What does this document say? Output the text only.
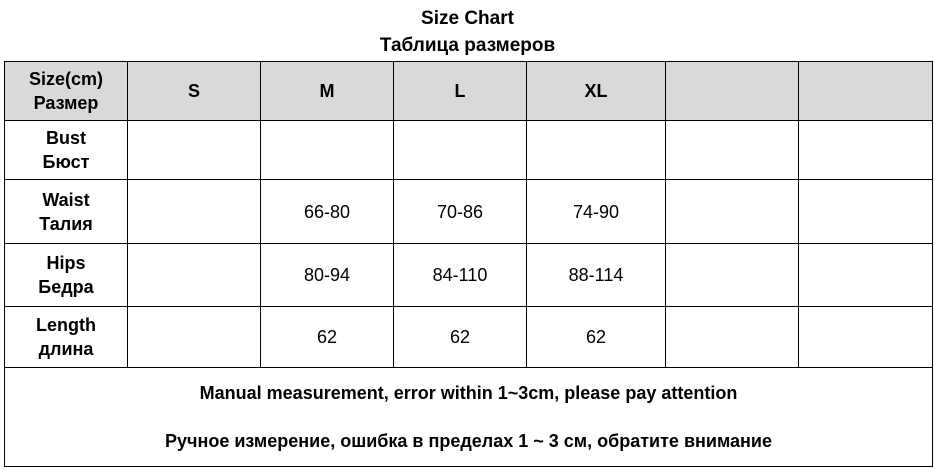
Size Chart
Таблица размеров
Size(cm)
Размер	S	M	L	XL		

Bust
Бюст						

Waist
Талия		66-80	70-86	74-90		

Hips
Бедра		80-94	84-110	88-114		

Length
длина		62	62	62		

Manual measurement, error within 1~3cm, please pay attention
Ручное измерение, ошибка в пределах 1 ~ 3 см, обратите внимание						
